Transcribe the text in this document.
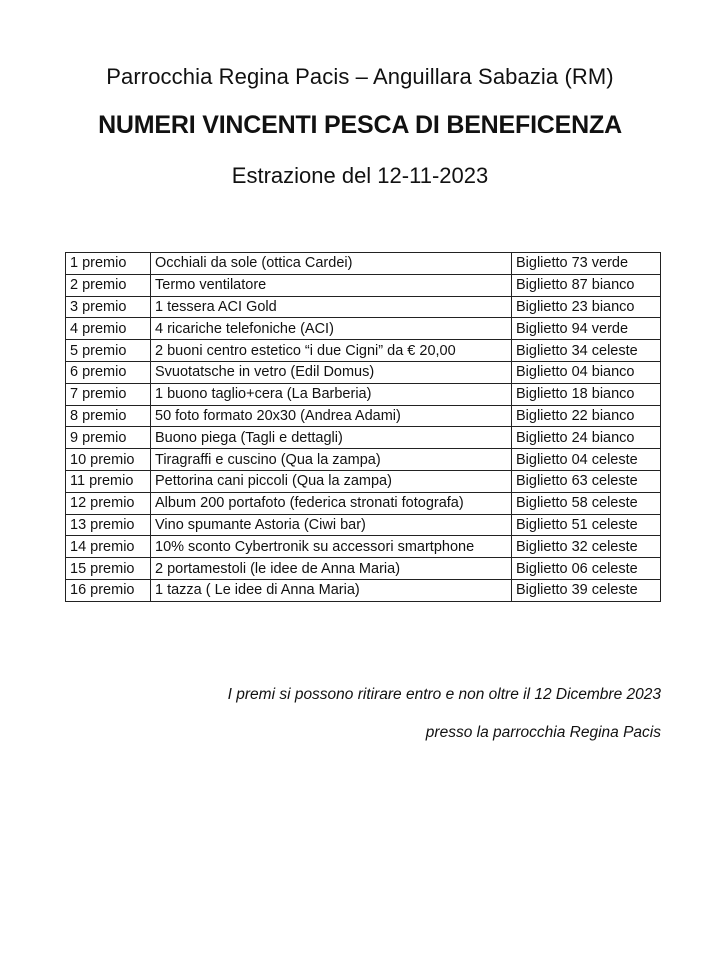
Parrocchia Regina Pacis – Anguillara Sabazia (RM)
NUMERI VINCENTI PESCA DI BENEFICENZA
Estrazione del 12-11-2023
1 premio	Occhiali da sole (ottica Cardei)	Biglietto 73 verde
2 premio	Termo ventilatore	Biglietto 87 bianco
3 premio	1 tessera ACI Gold	Biglietto 23 bianco
4 premio	4 ricariche telefoniche (ACI)	Biglietto 94 verde
5 premio	2 buoni centro estetico “i due Cigni” da € 20,00	Biglietto 34 celeste
6 premio	Svuotatsche in vetro (Edil Domus)	Biglietto 04 bianco
7 premio	1 buono taglio+cera (La Barberia)	Biglietto 18 bianco
8 premio	50 foto formato 20x30 (Andrea Adami)	Biglietto 22 bianco
9 premio	Buono piega (Tagli e dettagli)	Biglietto 24 bianco
10 premio	Tiragraffi e cuscino (Qua la zampa)	Biglietto 04 celeste
11 premio	Pettorina cani piccoli (Qua la zampa)	Biglietto 63 celeste
12 premio	Album 200 portafoto (federica stronati fotografa)	Biglietto 58 celeste
13 premio	Vino spumante Astoria (Ciwi bar)	Biglietto 51 celeste
14 premio	10% sconto Cybertronik su accessori smartphone	Biglietto 32 celeste
15 premio	2 portamestoli (le idee de Anna Maria)	Biglietto 06 celeste
16 premio	1 tazza ( Le idee di Anna Maria)	Biglietto 39 celeste
I premi si possono ritirare entro e non oltre il 12 Dicembre 2023
presso la parrocchia Regina Pacis
